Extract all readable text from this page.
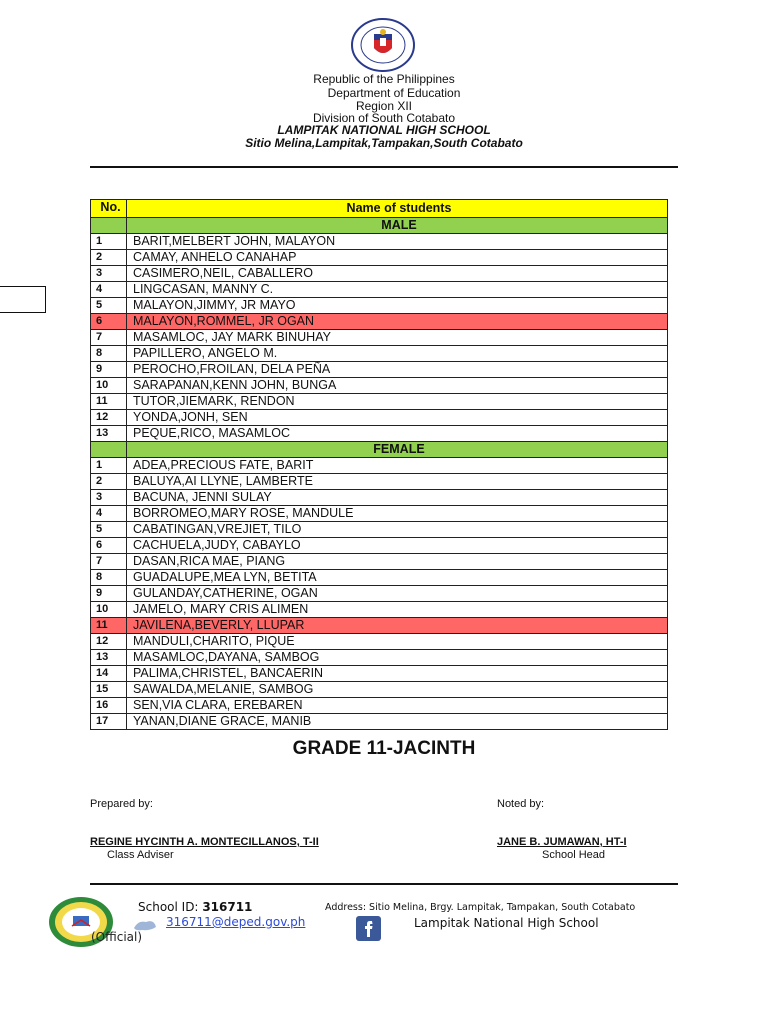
Republic of the Philippines
Department of Education
Region XII
Division of South Cotabato
LAMPITAK NATIONAL HIGH SCHOOL
Sitio Melina,Lampitak,Tampakan,South Cotabato
No.	Name of students
	MALE
1	BARIT,MELBERT JOHN, MALAYON
2	CAMAY, ANHELO CANAHAP
3	CASIMERO,NEIL, CABALLERO
4	LINGCASAN, MANNY C.
5	MALAYON,JIMMY, JR MAYO
6	MALAYON,ROMMEL, JR OGAN
7	MASAMLOC, JAY MARK BINUHAY
8	PAPILLERO, ANGELO M.
9	PEROCHO,FROILAN, DELA PEÑA
10	SARAPANAN,KENN JOHN, BUNGA
11	TUTOR,JIEMARK, RENDON
12	YONDA,JONH, SEN
13	PEQUE,RICO, MASAMLOC
	FEMALE
1	ADEA,PRECIOUS FATE, BARIT
2	BALUYA,AI LLYNE, LAMBERTE
3	BACUNA, JENNI SULAY
4	BORROMEO,MARY ROSE, MANDULE
5	CABATINGAN,VREJIET, TILO
6	CACHUELA,JUDY, CABAYLO
7	DASAN,RICA MAE, PIANG
8	GUADALUPE,MEA LYN, BETITA
9	GULANDAY,CATHERINE, OGAN
10	JAMELO, MARY CRIS ALIMEN
11	JAVILENA,BEVERLY, LLUPAR
12	MANDULI,CHARITO, PIQUE
13	MASAMLOC,DAYANA, SAMBOG
14	PALIMA,CHRISTEL, BANCAERIN
15	SAWALDA,MELANIE, SAMBOG
16	SEN,VIA CLARA, EREBAREN
17	YANAN,DIANE GRACE, MANIB
GRADE 11-JACINTH
Prepared by:	Noted by:
REGINE HYCINTH A. MONTECILLANOS, T-II	JANE B. JUMAWAN, HT-I
Class Adviser	School Head
School ID: 316711	Address: Sitio Melina, Brgy. Lampitak, Tampakan, South Cotabato
316711@deped.gov.ph
(Official)
Lampitak National High School
